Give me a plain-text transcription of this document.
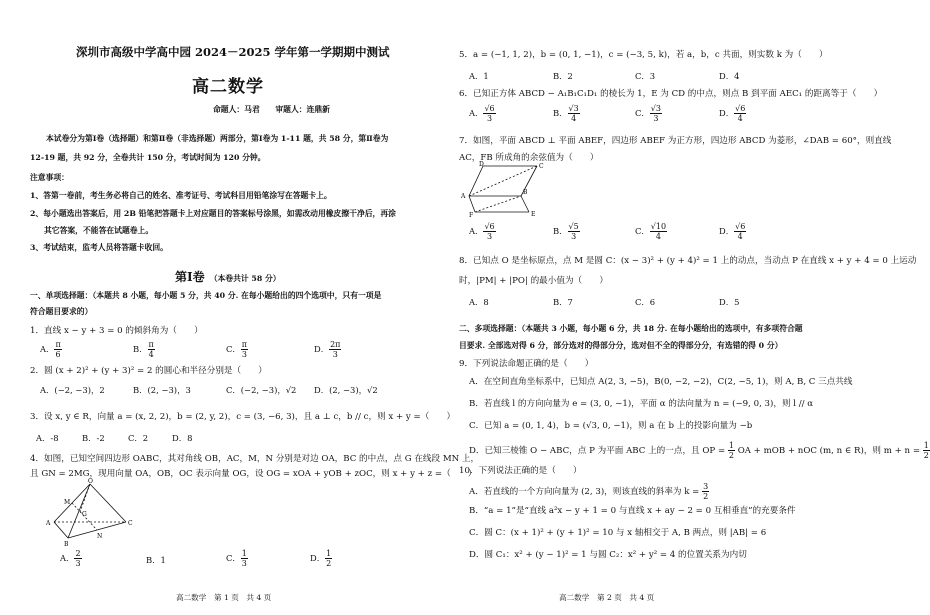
深圳市高级中学高中园 2024－2025 学年第一学期期中测试
高二数学
命题人：马君　　审题人：连鼎新
本试卷分为第Ⅰ卷（选择题）和第Ⅱ卷（非选择题）两部分，第Ⅰ卷为 1-11 题，共 58 分，第Ⅱ卷为
12-19 题，共 92 分，全卷共计 150 分，考试时间为 120 分钟。
注意事项：
1、答第一卷前，考生务必将自己的姓名、准考证号、考试科目用铅笔涂写在答题卡上。
2、每小题选出答案后，用 2B 铅笔把答题卡上对应题目的答案标号涂黑，如需改动用橡皮擦干净后，再涂
其它答案，不能答在试题卷上。
3、考试结束，监考人员将答题卡收回。
第Ⅰ卷 （本卷共计 58 分）
一、单项选择题：（本题共 8 小题，每小题 5 分，共 40 分. 在每小题给出的四个选项中，只有一项是
符合题目要求的）
1．直线 x − y + 3 = 0 的倾斜角为（　　）
A． $\frac{\pi}{6}$	B． $\frac{\pi}{4}$	C． $\frac{\pi}{3}$	D． $\frac{2\pi}{3}$
2．圆 (x + 2)² + (y + 3)² = 2 的圆心和半径分别是（　　）
A．(−2, −3)，2	B．(2, −3)，3	C．(−2, −3)，√2 D．(2, −3)，√2
3．设 x, y ∈ R，向量 a = (x, 2, 2)，b = (2, y, 2)，c = (3, −6, 3)，且 a ⊥ c，b // c，则 x + y =（　　）
A．-8	B．-2	C．2	D．8
4．如图，已知空间四边形 OABC，其对角线 OB，AC，M，N 分别是对边 OA，BC 的中点，点 G 在线段 MN 上，
且 GN = 2MG，现用向量 OA，OB，OC 表示向量 OG，设 OG = xOA + yOB + zOC，则 x + y + z =（　　）
O
M
A
B
N
G
C
A． $\frac{2}{3}$	B．1	C． $\frac{1}{3}$	D． $\frac{1}{2}$
高二数学　第 1 页　共 4 页
5．a = (−1, 1, 2)，b = (0, 1, −1)，c = (−3, 5, k)，若 a，b，c 共面，则实数 k 为（　　）
A．1	B．2	C．3	D．4
6．已知正方体 ABCD − A₁B₁C₁D₁ 的棱长为 1，E 为 CD 的中点，则点 B 到平面 AEC₁ 的距离等于（　　）
A． $\frac{√6}{3}$	B． $\frac{√3}{4}$	C． $\frac{√3}{3}$	D． $\frac{√6}{4}$
7．如图，平面 ABCD ⊥ 平面 ABEF，四边形 ABEF 为正方形，四边形 ABCD 为菱形，∠DAB = 60°，则直线
AC，FB 所成角的余弦值为（　　）
D	C
A
B
F	E
A． $\frac{√6}{3}$	B． $\frac{√5}{3}$	C． $\frac{√10}{4}$	D． $\frac{√6}{4}$
8．已知点 O 是坐标原点，点 M 是圆 C：(x − 3)² + (y + 4)² = 1 上的动点，当动点 P 在直线 x + y + 4 = 0 上运动
时，|PM| + |PO| 的最小值为（　　）
A．8	B．7	C．6	D．5
二、多项选择题：（本题共 3 小题，每小题 6 分，共 18 分. 在每小题给出的选项中，有多项符合题
目要求. 全部选对得 6 分，部分选对的得部分分，选对但不全的得部分分，有选错的得 0 分）
9．下列说法命题正确的是（　　）
A．在空间直角坐标系中，已知点 A(2, 3, −5)，B(0, −2, −2)，C(2, −5, 1)，则 A, B, C 三点共线
B．若直线 l 的方向向量为 e = (3, 0, −1)，平面 α 的法向量为 n = (−9, 0, 3)，则 l // α
C．已知 a = (0, 1, 4)，b = (√3, 0, −1)，则 a 在 b 上的投影向量为 −b
D．已知三棱锥 O − ABC，点 P 为平面 ABC 上的一点，且 OP = $\frac{1}{2}$ OA + mOB + nOC (m, n ∈ R)，则 $m + n = \frac{1}{2}$
10．下列说法正确的是（　　）
A．若直线的一个方向向量为 (2, 3)，则该直线的斜率为 $k = \frac{3}{2}$
B．“a = 1”是“直线 a²x − y + 1 = 0 与直线 x + ay − 2 = 0 互相垂直”的充要条件
C．圆 C：(x + 1)² + (y + 1)² = 10 与 x 轴相交于 A, B 两点，则 |AB| = 6
D．圆 C₁：x² + (y − 1)² = 1 与圆 C₂：x² + y² = 4 的位置关系为内切
高二数学　第 2 页　共 4 页
